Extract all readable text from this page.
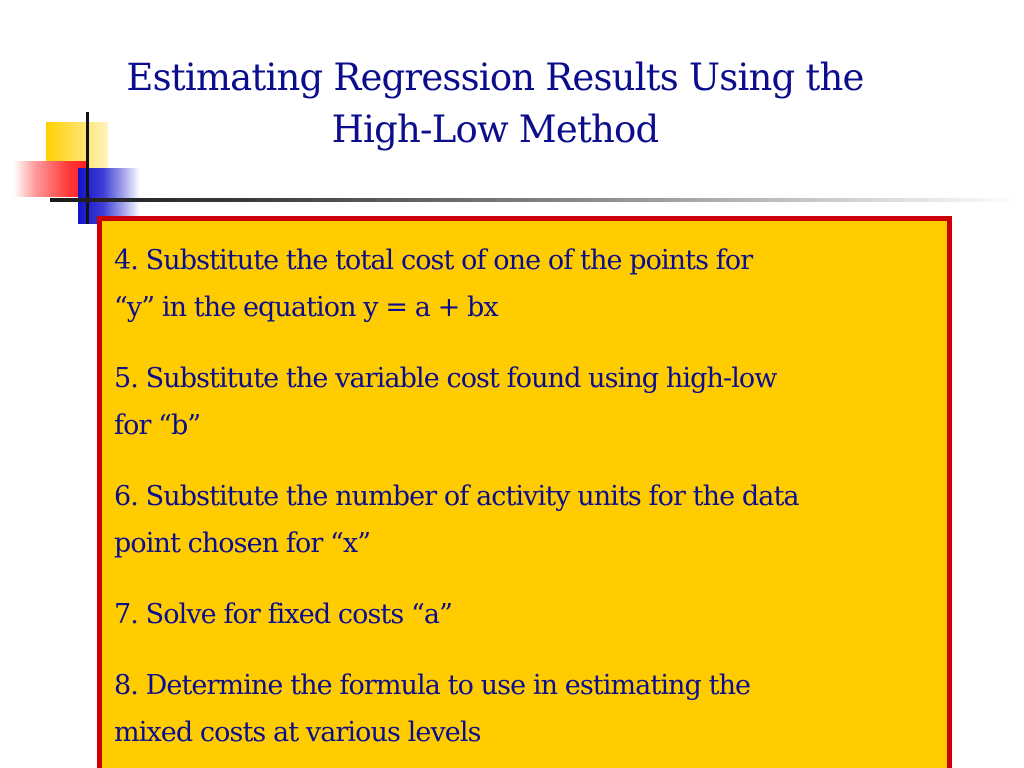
Estimating Regression Results Using the
High-Low Method
4. Substitute the total cost of one of the points for
“y” in the equation y = a + bx
5. Substitute the variable cost found using high-low
for “b”
6. Substitute the number of activity units for the data
point chosen for “x”
7. Solve for fixed costs “a”
8. Determine the formula to use in estimating the
mixed costs at various levels
